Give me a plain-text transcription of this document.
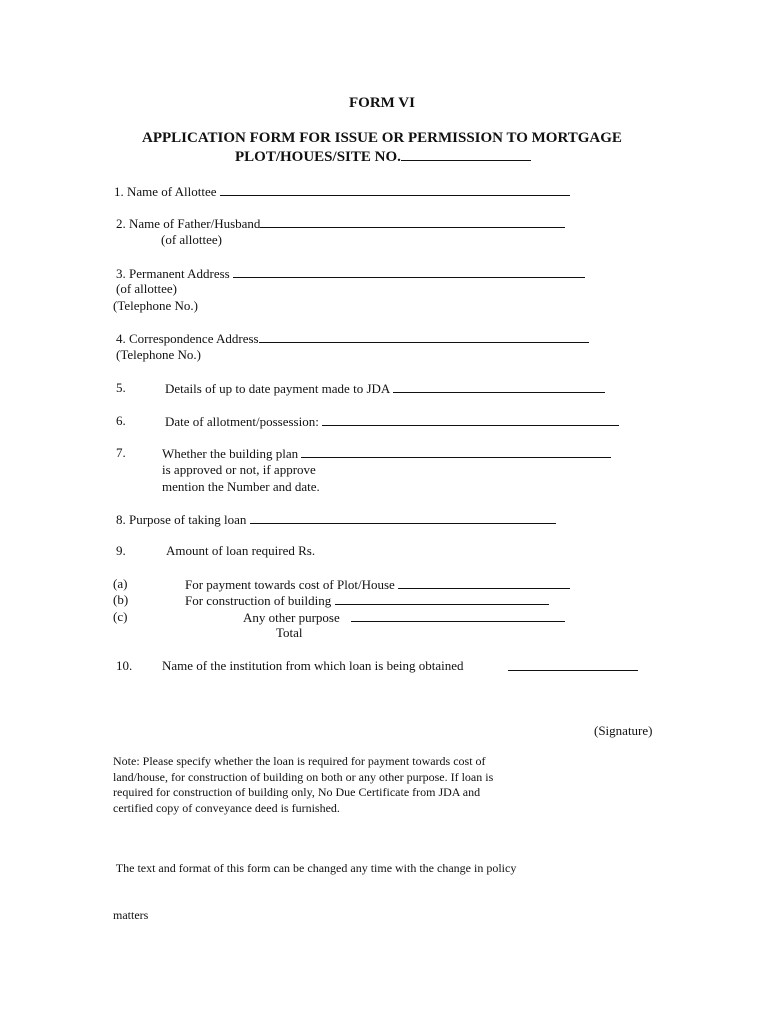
FORM VI
APPLICATION FORM FOR ISSUE OR PERMISSION TO MORTGAGE
PLOT/HOUES/SITE NO.
1. Name of Allottee
2. Name of Father/Husband
(of allottee)
3. Permanent Address
(of allottee)
(Telephone No.)
4. Correspondence Address
(Telephone No.)
5.	Details of up to date payment made to JDA
6.	Date of allotment/possession:
7.	Whether the building plan
is approved or not, if approve
mention the Number and date.
8. Purpose of taking loan
9.	Amount of loan required Rs.
(a)	For payment towards cost of Plot/House
(b)	For construction of building
(c)	Any other purpose
Total
10. Name of the institution from which loan is being obtained
(Signature)
Note: Please specify whether the loan is required for payment towards cost of
land/house, for construction of building on both or any other purpose. If loan is
required for construction of building only, No Due Certificate from JDA and
certified copy of conveyance deed is furnished.

The text and format of this form can be changed any time with the change in policy

matters
